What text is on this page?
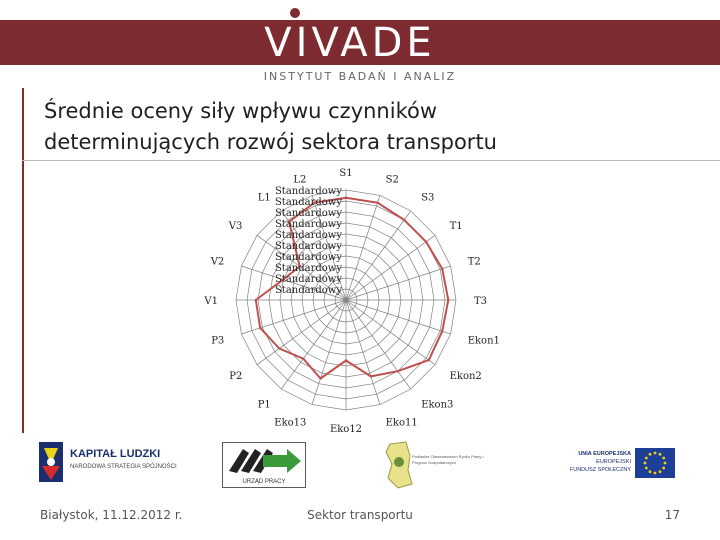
VIVADE
INSTYTUT BADAŃ I ANALIZ
Średnie oceny siły wpływu czynników
determinujących rozwój sektora transportu
S1
S2
S3
T1
T2
T3
Ekon1
Ekon2
Ekon3
Eko11
Eko12
Eko13
P1
P2
P3
V1
V2
V3
L1
L2
Standardowy
Standardowy
Standardowy
Standardowy
Standardowy
Standardowy
Standardowy
Standardowy
Standardowy
Standardowy
KAPITAŁ LUDZKI
NARODOWA STRATEGIA SPÓJNOŚCI
URZĄD PRACY
Podlaskie Obserwatorium Rynku Pracy i Prognoz Gospodarczych
UNIA EUROPEJSKA
EUROPEJSKI
FUNDUSZ SPOŁECZNY
Białystok, 11.12.2012 r.	Sektor transportu	17
